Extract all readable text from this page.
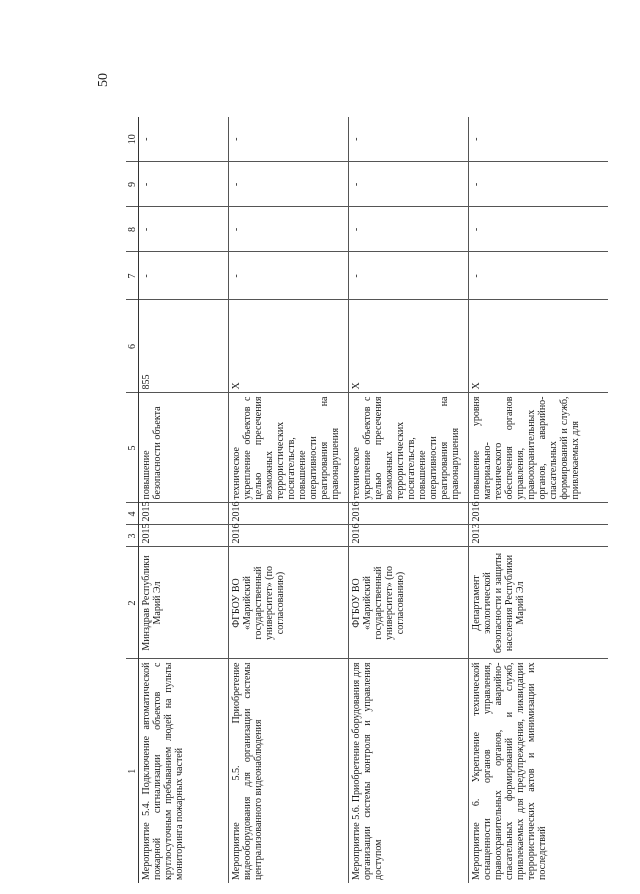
50
1	2	3	4	5	6	7	8	9	10
Мероприятие 5.4. Подключение автоматической пожарной сигнализации объектов с круглосуточным пребыванием людей на пульты мониторинга пожарных частей	Минздрав Республики Марий Эл	2015	2015	повышение безопасности объекта	855	-	-	-	-
Мероприятие 5.5. Приобретение видеооборудования для организации системы централизованного видеонаблюдения	ФГБОУ ВО «Марийский государственный университет» (по согласованию)	2016	2016	техническое укрепление объектов с целью пресечения возможных террористических посягательств, повышение оперативности реагирования на правонарушения	X	-	-	-	-
Мероприятие 5.6. Приобретение оборудования для организации системы контроля и управления доступом	ФГБОУ ВО «Марийский государственный университет» (по согласованию)	2016	2016	техническое укрепление объектов с целью пресечения возможных террористических посягательств, повышение оперативности реагирования на правонарушения	X	-	-	-	-
Мероприятие 6. Укрепление технической оснащенности органов управления, правоохранительных органов, аварийно-спасательных формирований и служб, привлекаемых для предупреждения, ликвидации террористических актов и минимизации их последствий	Департамент экологической безопасности и защиты населения Республики Марий Эл	2013	2016	повышение уровня материально-технического обеспечения органов управления, правоохранительных органов, аварийно-спасательных формирований и служб, привлекаемых для	X	-	-	-	-
